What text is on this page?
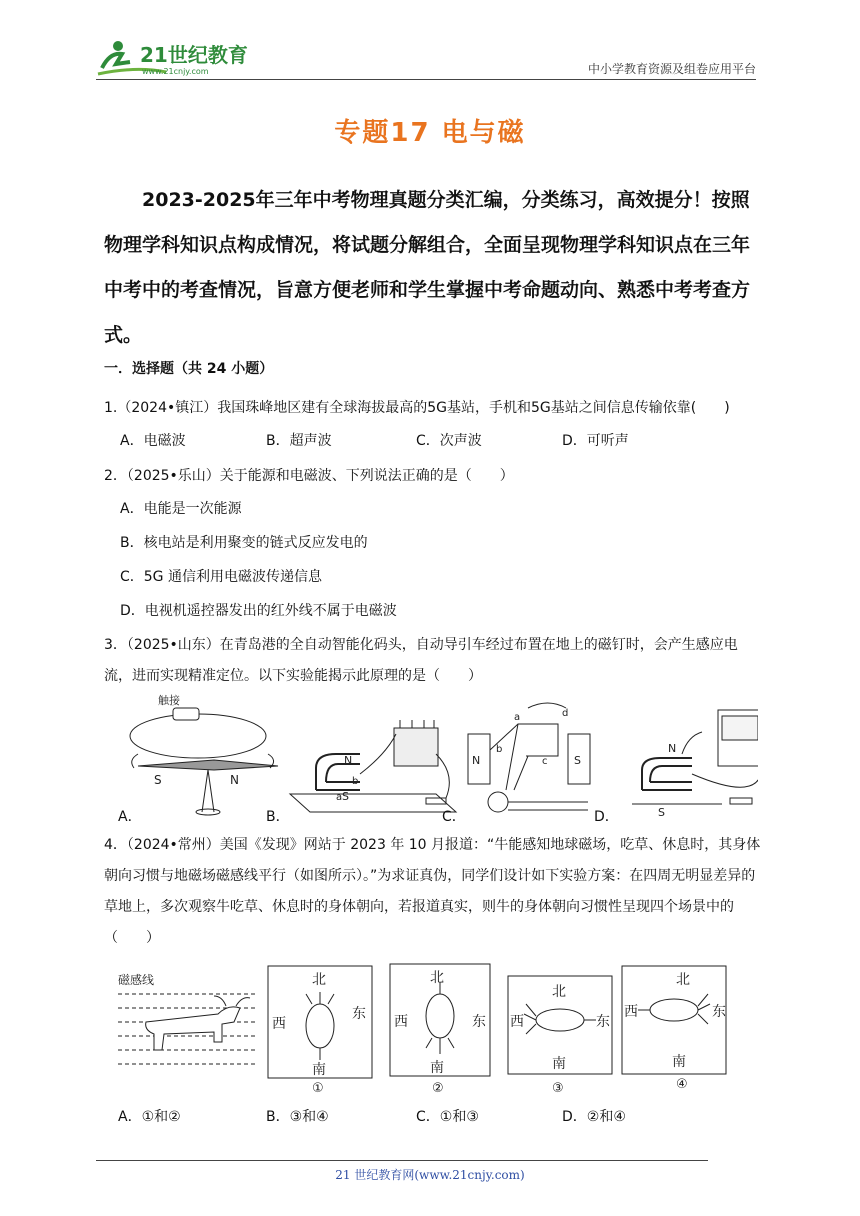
21世纪教育
www.21cnjy.com	中小学教育资源及组卷应用平台
专题17 电与磁
2023-2025年三年中考物理真题分类汇编，分类练习，高效提分！按照物理学科知识点构成情况，将试题分解组合，全面呈现物理学科知识点在三年中考中的考查情况，旨意方便老师和学生掌握中考命题动向、熟悉中考考查方式。
一．选择题（共 24 小题）
1.（2024•镇江）我国珠峰地区建有全球海拔最高的5G基站，手机和5G基站之间信息传输依靠(　　)
A．电磁波	B．超声波	C．次声波	D．可听声
2．（2025•乐山）关于能源和电磁波、下列说法正确的是（　　）
A．电能是一次能源
B．核电站是利用聚变的链式反应发电的
C．5G 通信利用电磁波传递信息
D．电视机遥控器发出的红外线不属于电磁波
3．（2025•山东）在青岛港的全自动智能化码头，自动导引车经过布置在地上的磁钉时，会产生感应电流，进而实现精准定位。以下实验能揭示此原理的是（　　）
触接
S	N
N
S
b
a
N	S
a
b
c
d
N
S
A．	B．	C．	D．
4．（2024•常州）美国《发现》网站于 2023 年 10 月报道：“牛能感知地球磁场，吃草、休息时，其身体朝向习惯与地磁场磁感线平行（如图所示）。”为求证真伪，同学们设计如下实验方案：在四周无明显差异的草地上，多次观察牛吃草、休息时的身体朝向，若报道真实，则牛的身体朝向习惯性呈现四个场景中的（　　）
磁感线	北
南
西
东
北
南
西	东
北
南
西	东
北
南
西	东
①	②	③	④
A．①和②	B．③和④	C．①和③	D．②和④
21 世纪教育网(www.21cnjy.com)
